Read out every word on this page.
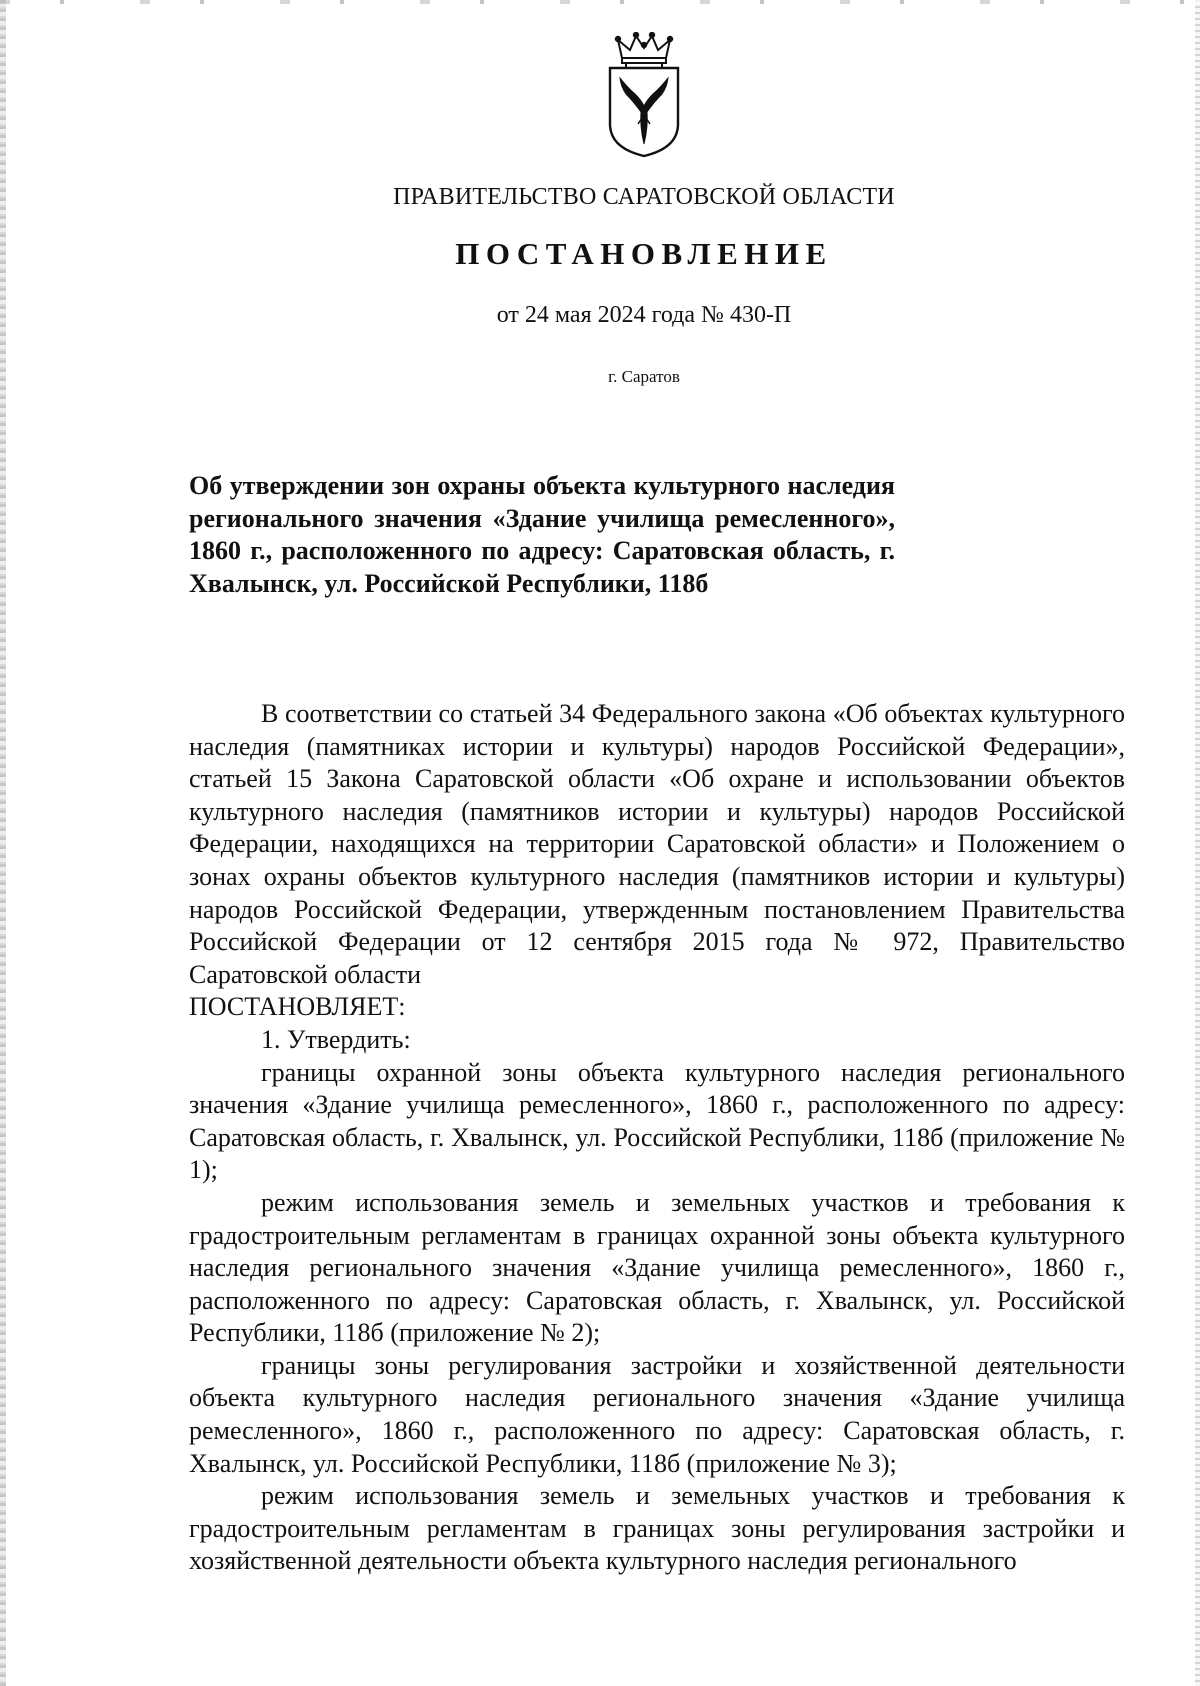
ПРАВИТЕЛЬСТВО САРАТОВСКОЙ ОБЛАСТИ
ПОСТАНОВЛЕНИЕ
от 24 мая 2024 года № 430-П
г. Саратов
Об утверждении зон охраны объекта культурного наследия регионального значения «Здание училища ремесленного», 1860 г., расположенного по адресу: Саратовская область, г. Хвалынск, ул. Российской Республики, 118б

В соответствии со статьей 34 Федерального закона «Об объектах культурного наследия (памятниках истории и культуры) народов Российской Федерации», статьей 15 Закона Саратовской области «Об охране и использовании объектов культурного наследия (памятников истории и культуры) народов Российской Федерации, находящихся на территории Саратовской области» и Положением о зонах охраны объектов культурного наследия (памятников истории и культуры) народов Российской Федерации, утвержденным постановлением Правительства Российской Федерации от 12 сентября 2015 года № 972, Правительство Саратовской области

ПОСТАНОВЛЯЕТ:

1. Утвердить:

границы охранной зоны объекта культурного наследия регионального значения «Здание училища ремесленного», 1860 г., расположенного по адресу: Саратовская область, г. Хвалынск, ул. Российской Республики, 118б (приложение № 1);

режим использования земель и земельных участков и требования к градостроительным регламентам в границах охранной зоны объекта культурного наследия регионального значения «Здание училища ремесленного», 1860 г., расположенного по адресу: Саратовская область, г. Хвалынск, ул. Российской Республики, 118б (приложение № 2);

границы зоны регулирования застройки и хозяйственной деятельности объекта культурного наследия регионального значения «Здание училища ремесленного», 1860 г., расположенного по адресу: Саратовская область, г. Хвалынск, ул. Российской Республики, 118б (приложение № 3);

режим использования земель и земельных участков и требования к градостроительным регламентам в границах зоны регулирования застройки и хозяйственной деятельности объекта культурного наследия регионального
